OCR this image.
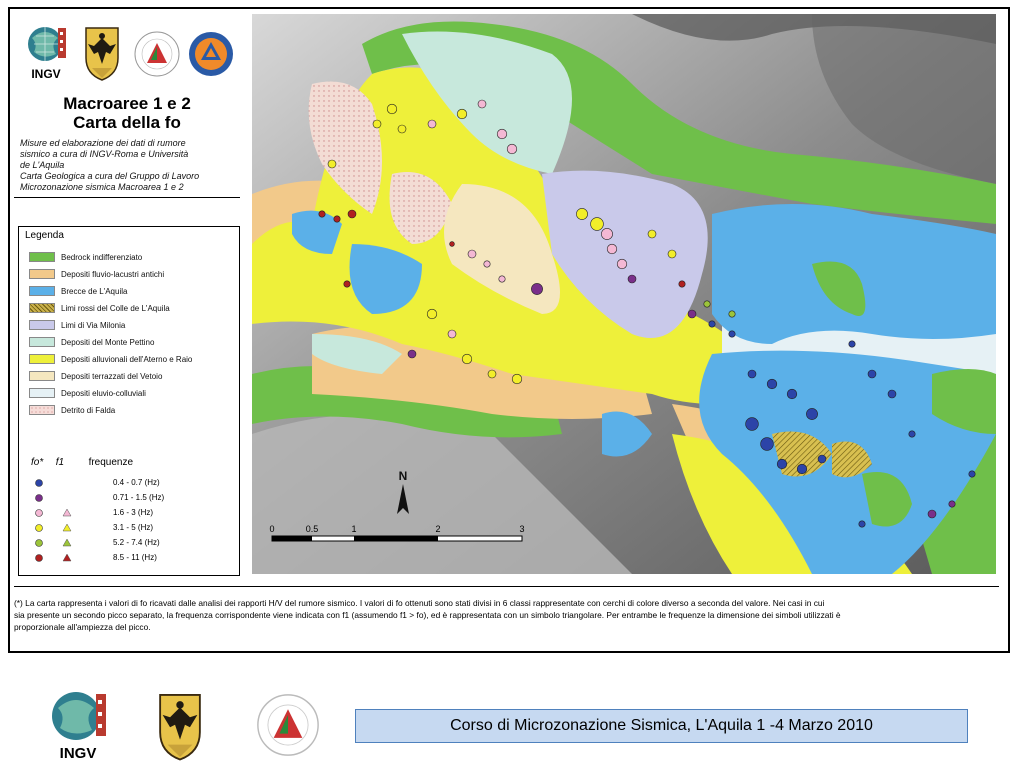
INGV
Macroaree 1 e 2
Carta della fo
Misure ed elaborazione dei dati di rumore
sismico a cura di INGV-Roma e Università
de L'Aquila
Carta Geologica a cura del Gruppo di Lavoro
Microzonazione sismica Macroarea 1 e 2
Legenda
Bedrock indifferenziato
Depositi fluvio-lacustri antichi
Brecce de L'Aquila
Limi rossi del Colle de L'Aquila
Limi di Via Milonia
Depositi del Monte Pettino
Depositi alluvionali dell'Aterno e Raio
Depositi terrazzati del Vetoio
Depositi eluvio-colluviali
Detrito di Falda
fo* f1 frequenze
0.4 - 0.7 (Hz)
0.71 - 1.5 (Hz)
1.6 - 3 (Hz)
3.1 - 5 (Hz)
5.2 - 7.4 (Hz)
8.5 - 11 (Hz)
N
0	0.5	1	2	3
(*) La carta rappresenta i valori di fo ricavati dalle analisi dei rapporti H/V del rumore sismico. I valori di fo ottenuti sono stati divisi in 6 classi rappresentate con cerchi di colore diverso a seconda del valore. Nei casi in cui
sia presente un secondo picco separato, la frequenza corrispondente viene indicata con f1 (assumendo f1 > fo), ed è rappresentata con un simbolo triangolare. Per entrambe le frequenze la dimensione dei simboli utilizzati è
proporzionale all'ampiezza del picco.
INGV
Corso di Microzonazione Sismica, L'Aquila 1 -4 Marzo 2010
